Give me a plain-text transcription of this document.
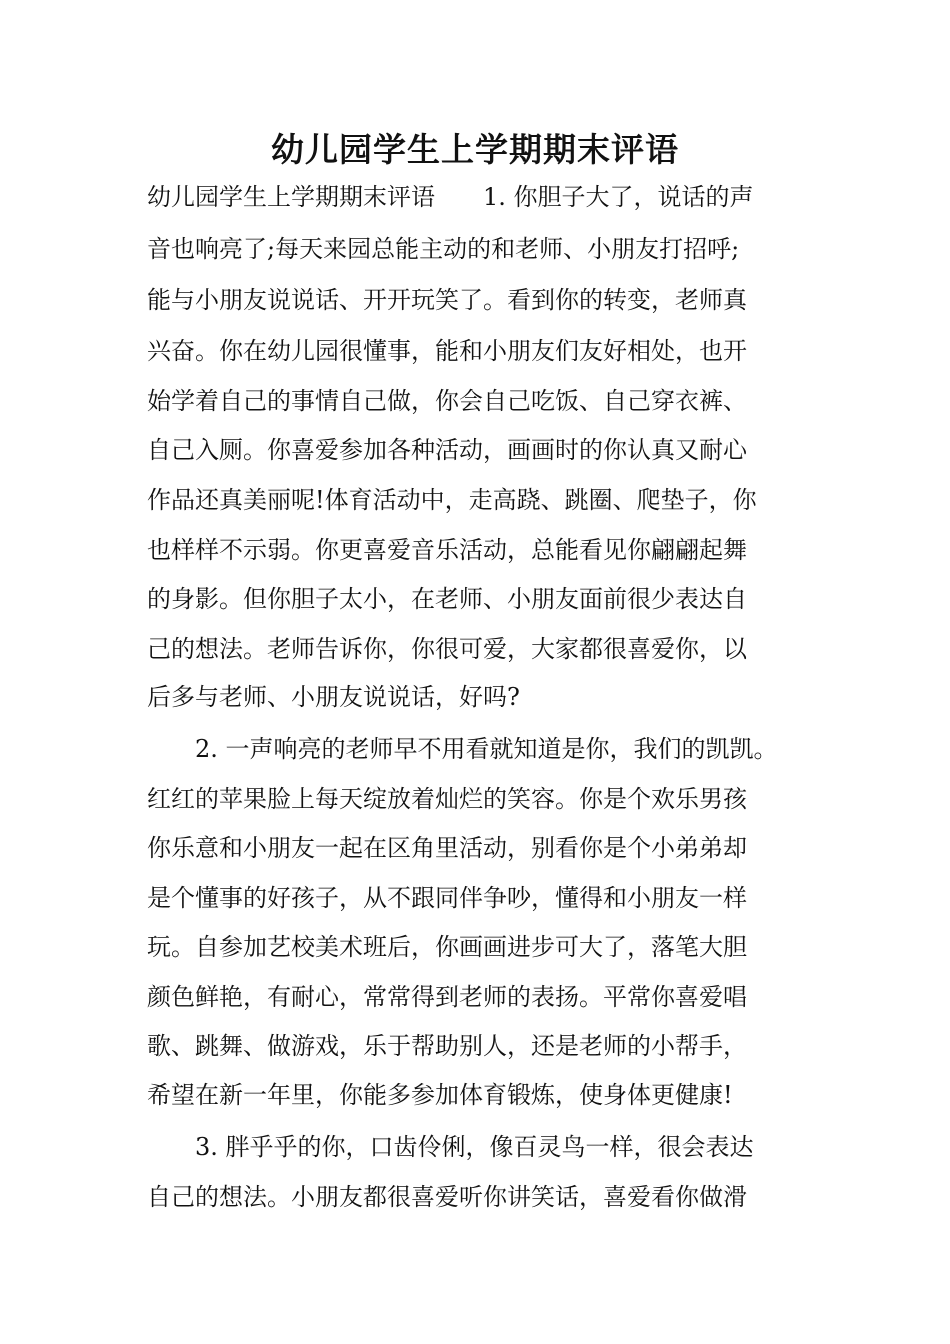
幼儿园学生上学期期末评语
幼儿园学生上学期期末评语　　1. 你胆子大了，说话的声
音也响亮了;每天来园总能主动的和老师、小朋友打招呼;
能与小朋友说说话、开开玩笑了。看到你的转变，老师真
兴奋。你在幼儿园很懂事，能和小朋友们友好相处，也开
始学着自己的事情自己做，你会自己吃饭、自己穿衣裤、
自己入厕。你喜爱参加各种活动，画画时的你认真又耐心
作品还真美丽呢!体育活动中，走高跷、跳圈、爬垫子，你
也样样不示弱。你更喜爱音乐活动，总能看见你翩翩起舞
的身影。但你胆子太小，在老师、小朋友面前很少表达自
己的想法。老师告诉你，你很可爱，大家都很喜爱你，以
后多与老师、小朋友说说话，好吗?
　　2. 一声响亮的老师早不用看就知道是你，我们的凯凯。
红红的苹果脸上每天绽放着灿烂的笑容。你是个欢乐男孩
你乐意和小朋友一起在区角里活动，别看你是个小弟弟却
是个懂事的好孩子，从不跟同伴争吵，懂得和小朋友一样
玩。自参加艺校美术班后，你画画进步可大了，落笔大胆
颜色鲜艳，有耐心，常常得到老师的表扬。平常你喜爱唱
歌、跳舞、做游戏，乐于帮助别人，还是老师的小帮手，
希望在新一年里，你能多参加体育锻炼，使身体更健康!
　　3. 胖乎乎的你，口齿伶俐，像百灵鸟一样，很会表达
自己的想法。小朋友都很喜爱听你讲笑话，喜爱看你做滑
